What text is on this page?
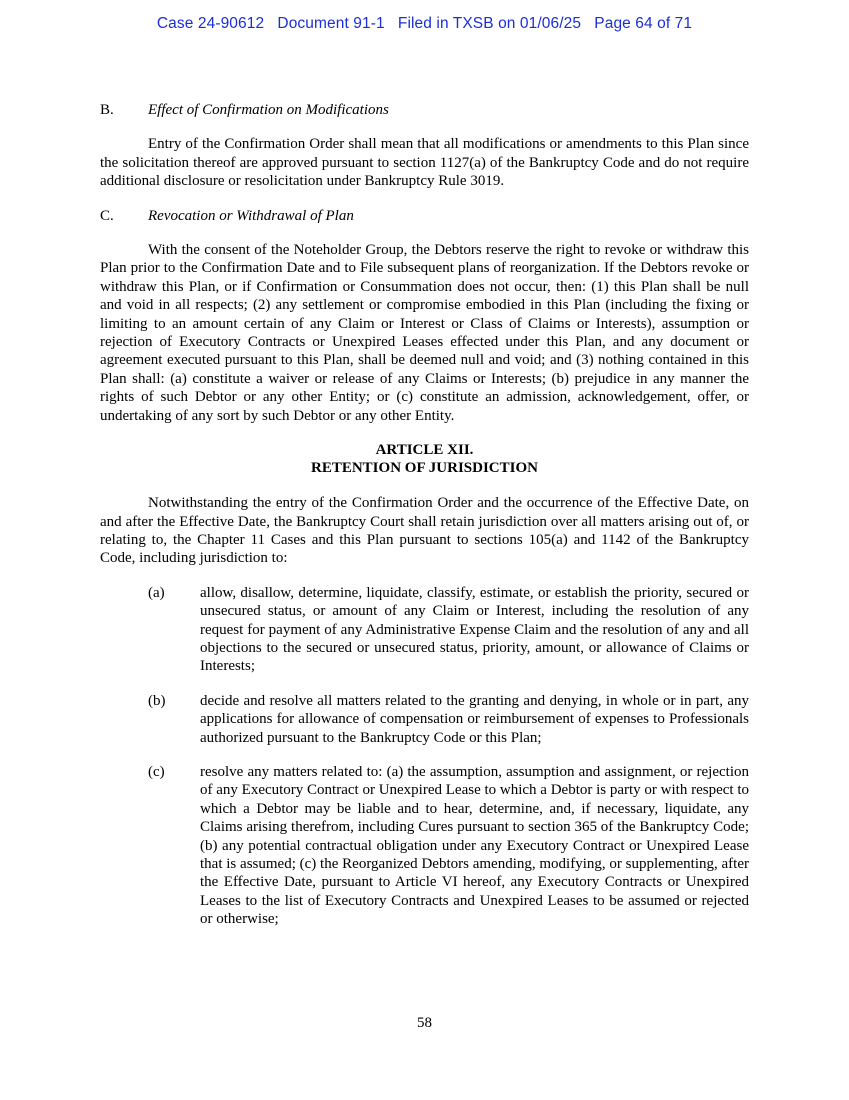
Case 24-90612   Document 91-1   Filed in TXSB on 01/06/25   Page 64 of 71
B. Effect of Confirmation on Modifications

Entry of the Confirmation Order shall mean that all modifications or amendments to this Plan since the solicitation thereof are approved pursuant to section 1127(a) of the Bankruptcy Code and do not require additional disclosure or resolicitation under Bankruptcy Rule 3019.

C. Revocation or Withdrawal of Plan

With the consent of the Noteholder Group, the Debtors reserve the right to revoke or withdraw this Plan prior to the Confirmation Date and to File subsequent plans of reorganization. If the Debtors revoke or withdraw this Plan, or if Confirmation or Consummation does not occur, then: (1) this Plan shall be null and void in all respects; (2) any settlement or compromise embodied in this Plan (including the fixing or limiting to an amount certain of any Claim or Interest or Class of Claims or Interests), assumption or rejection of Executory Contracts or Unexpired Leases effected under this Plan, and any document or agreement executed pursuant to this Plan, shall be deemed null and void; and (3) nothing contained in this Plan shall: (a) constitute a waiver or release of any Claims or Interests; (b) prejudice in any manner the rights of such Debtor or any other Entity; or (c) constitute an admission, acknowledgement, offer, or undertaking of any sort by such Debtor or any other Entity.

ARTICLE XII.
RETENTION OF JURISDICTION

Notwithstanding the entry of the Confirmation Order and the occurrence of the Effective Date, on and after the Effective Date, the Bankruptcy Court shall retain jurisdiction over all matters arising out of, or relating to, the Chapter 11 Cases and this Plan pursuant to sections 105(a) and 1142 of the Bankruptcy Code, including jurisdiction to:

(a) allow, disallow, determine, liquidate, classify, estimate, or establish the priority, secured or unsecured status, or amount of any Claim or Interest, including the resolution of any request for payment of any Administrative Expense Claim and the resolution of any and all objections to the secured or unsecured status, priority, amount, or allowance of Claims or Interests;
(b) decide and resolve all matters related to the granting and denying, in whole or in part, any applications for allowance of compensation or reimbursement of expenses to Professionals authorized pursuant to the Bankruptcy Code or this Plan;
(c) resolve any matters related to: (a) the assumption, assumption and assignment, or rejection of any Executory Contract or Unexpired Lease to which a Debtor is party or with respect to which a Debtor may be liable and to hear, determine, and, if necessary, liquidate, any Claims arising therefrom, including Cures pursuant to section 365 of the Bankruptcy Code; (b) any potential contractual obligation under any Executory Contract or Unexpired Lease that is assumed; (c) the Reorganized Debtors amending, modifying, or supplementing, after the Effective Date, pursuant to Article VI hereof, any Executory Contracts or Unexpired Leases to the list of Executory Contracts and Unexpired Leases to be assumed or rejected or otherwise;
58
